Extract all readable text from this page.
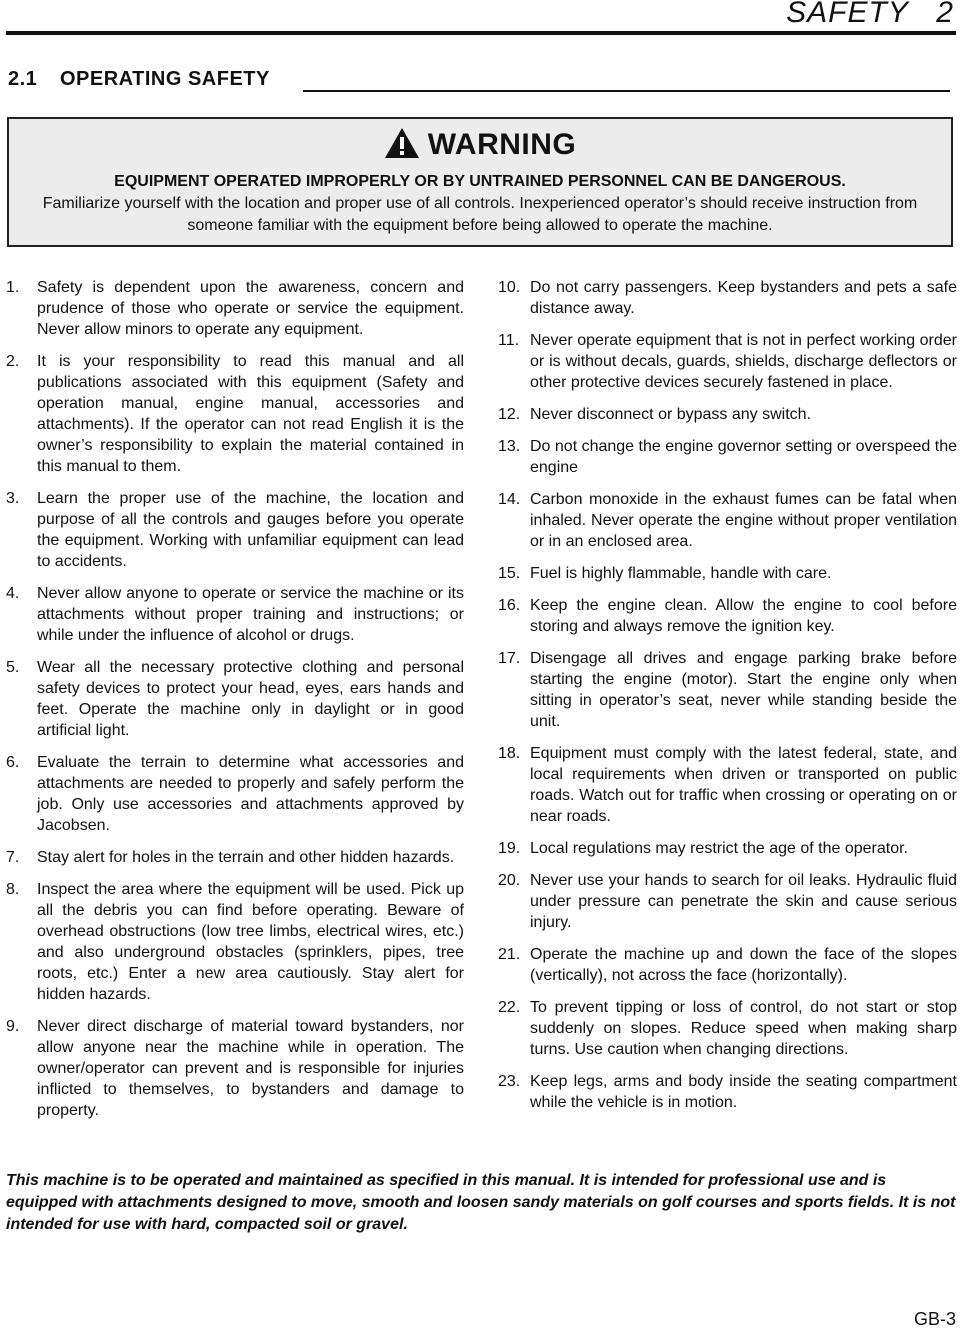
SAFETY   2
2.1 OPERATING SAFETY
WARNING
EQUIPMENT OPERATED IMPROPERLY OR BY UNTRAINED PERSONNEL CAN BE DANGEROUS.
Familiarize yourself with the location and proper use of all controls. Inexperienced operator’s should receive instruction from someone familiar with the equipment before being allowed to operate the machine.
1.	Safety is dependent upon the awareness, concern and prudence of those who operate or service the equipment. Never allow minors to operate any equipment.
2.	It is your responsibility to read this manual and all publications associated with this equipment (Safety and operation manual, engine manual, accessories and attachments). If the operator can not read English it is the owner’s responsibility to explain the material contained in this manual to them.
3.	Learn the proper use of the machine, the location and purpose of all the controls and gauges before you operate the equipment. Working with unfamiliar equipment can lead to accidents.
4.	Never allow anyone to operate or service the machine or its attachments without proper training and instructions; or while under the influence of alcohol or drugs.
5.	Wear all the necessary protective clothing and personal safety devices to protect your head, eyes, ears hands and feet. Operate the machine only in daylight or in good artificial light.
6.	Evaluate the terrain to determine what accessories and attachments are needed to properly and safely perform the job. Only use accessories and attachments approved by Jacobsen.
7.	Stay alert for holes in the terrain and other hidden hazards.
8.	Inspect the area where the equipment will be used. Pick up all the debris you can find before operating. Beware of overhead obstructions (low tree limbs, electrical wires, etc.) and also underground obstacles (sprinklers, pipes, tree roots, etc.) Enter a new area cautiously. Stay alert for hidden hazards.
9.	Never direct discharge of material toward bystanders, nor allow anyone near the machine while in operation. The owner/operator can prevent and is responsible for injuries inflicted to themselves, to bystanders and damage to property.
10. Do not carry passengers. Keep bystanders and pets a safe distance away.
11. Never operate equipment that is not in perfect working order or is without decals, guards, shields, discharge deflectors or other protective devices securely fastened in place.
12. Never disconnect or bypass any switch.
13. Do not change the engine governor setting or overspeed the engine
14. Carbon monoxide in the exhaust fumes can be fatal when inhaled. Never operate the engine without proper ventilation or in an enclosed area.
15. Fuel is highly flammable, handle with care.
16. Keep the engine clean. Allow the engine to cool before storing and always remove the ignition key.
17. Disengage all drives and engage parking brake before starting the engine (motor). Start the engine only when sitting in operator’s seat, never while standing beside the unit.
18. Equipment must comply with the latest federal, state, and local requirements when driven or transported on public roads. Watch out for traffic when crossing or operating on or near roads.
19. Local regulations may restrict the age of the operator.
20. Never use your hands to search for oil leaks. Hydraulic fluid under pressure can penetrate the skin and cause serious injury.
21. Operate the machine up and down the face of the slopes (vertically), not across the face (horizontally).
22. To prevent tipping or loss of control, do not start or stop suddenly on slopes. Reduce speed when making sharp turns. Use caution when changing directions.
23. Keep legs, arms and body inside the seating compartment while the vehicle is in motion.
This machine is to be operated and maintained as specified in this manual. It is intended for professional use and is equipped with attachments designed to move, smooth and loosen sandy materials on golf courses and sports fields. It is not intended for use with hard, compacted soil or gravel.
GB-3
